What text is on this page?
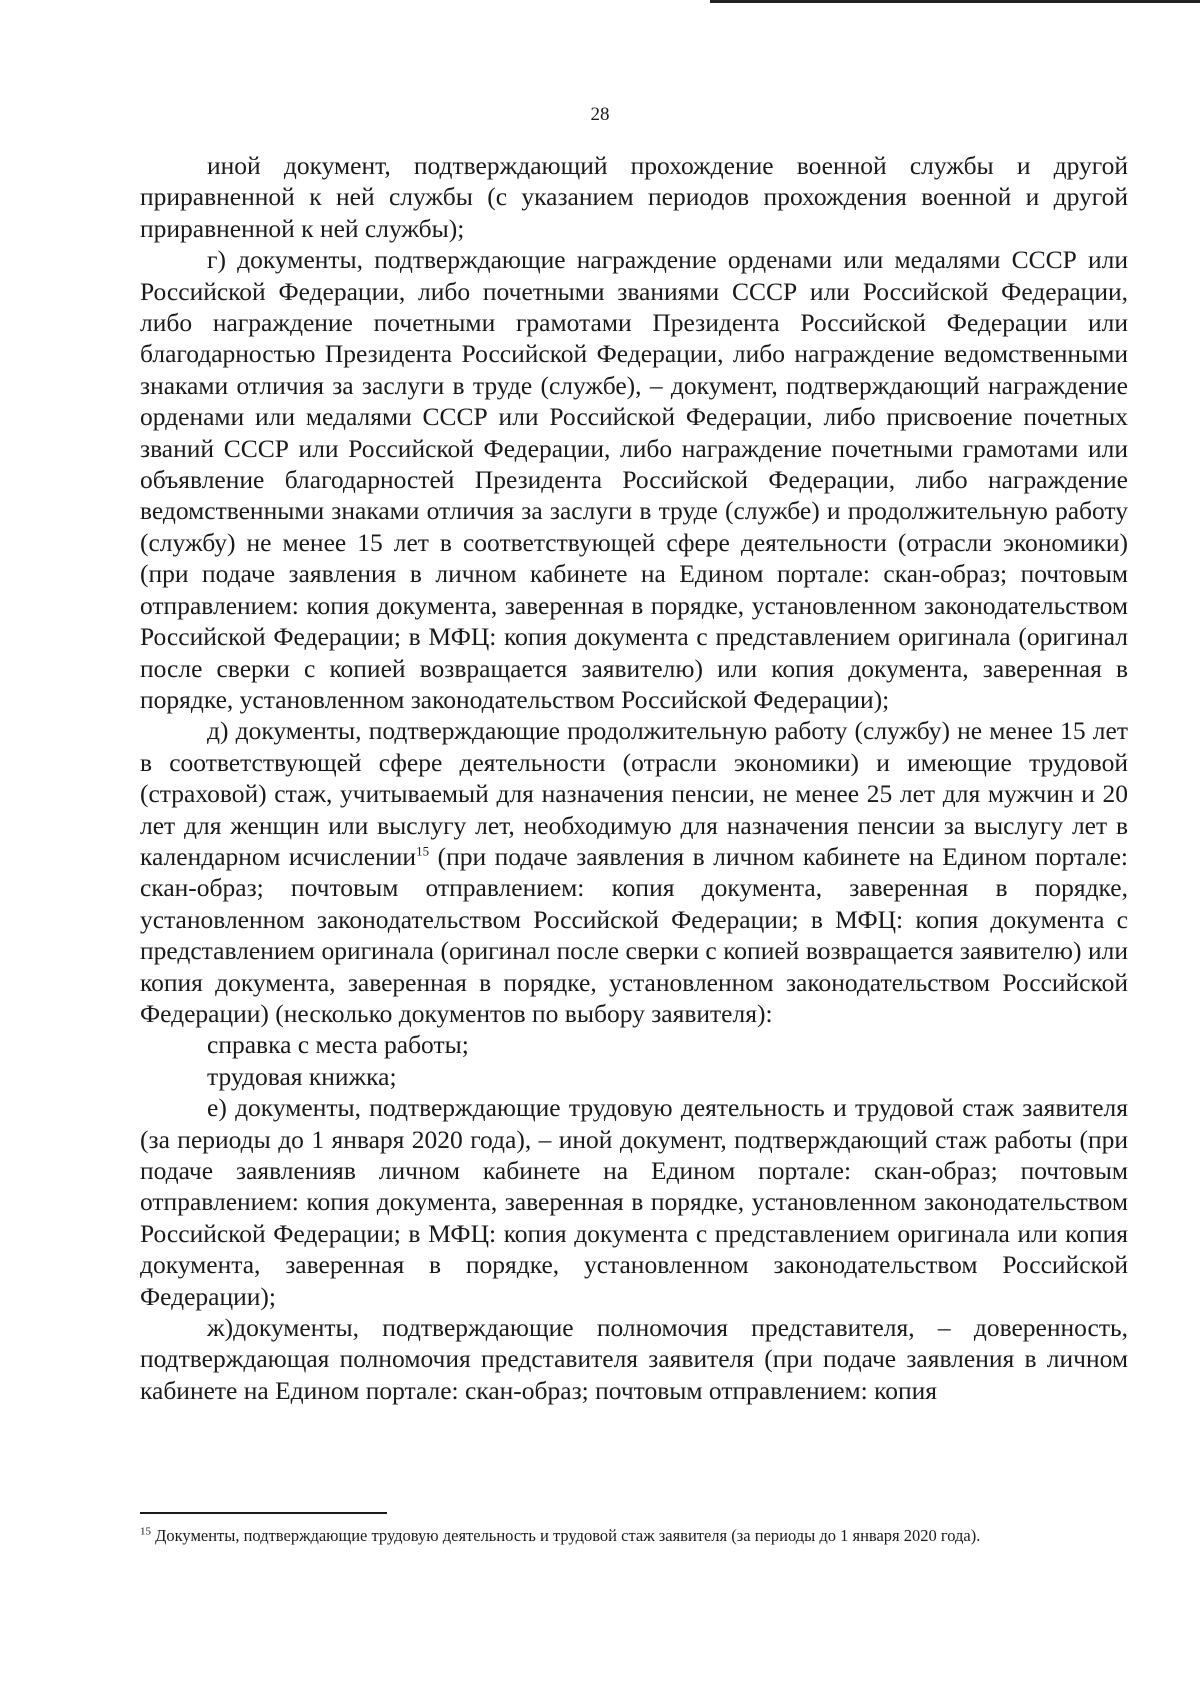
28

иной документ, подтверждающий прохождение военной службы и другой приравненной к ней службы (с указанием периодов прохождения военной и другой приравненной к ней службы);

г) документы, подтверждающие награждение орденами или медалями СССР или Российской Федерации, либо почетными званиями СССР или Российской Федерации, либо награждение почетными грамотами Президента Российской Федерации или благодарностью Президента Российской Федерации, либо награждение ведомственными знаками отличия за заслуги в труде (службе), – документ, подтверждающий награждение орденами или медалями СССР или Российской Федерации, либо присвоение почетных званий СССР или Российской Федерации, либо награждение почетными грамотами или объявление благодарностей Президента Российской Федерации, либо награждение ведомственными знаками отличия за заслуги в труде (службе) и продолжительную работу (службу) не менее 15 лет в соответствующей сфере деятельности (отрасли экономики) (при подаче заявления в личном кабинете на Едином портале: скан-образ; почтовым отправлением: копия документа, заверенная в порядке, установленном законодательством Российской Федерации; в МФЦ: копия документа с представлением оригинала (оригинал после сверки с копией возвращается заявителю) или копия документа, заверенная в порядке, установленном законодательством Российской Федерации);

д) документы, подтверждающие продолжительную работу (службу) не менее 15 лет в соответствующей сфере деятельности (отрасли экономики) и имеющие трудовой (страховой) стаж, учитываемый для назначения пенсии, не менее 25 лет для мужчин и 20 лет для женщин или выслугу лет, необходимую для назначения пенсии за выслугу лет в календарном исчислении$^{15}$ (при подаче заявления в личном кабинете на Едином портале: скан-образ; почтовым отправлением: копия документа, заверенная в порядке, установленном законодательством Российской Федерации; в МФЦ: копия документа с представлением оригинала (оригинал после сверки с копией возвращается заявителю) или копия документа, заверенная в порядке, установленном законодательством Российской Федерации) (несколько документов по выбору заявителя):

справка с места работы;

трудовая книжка;

е) документы, подтверждающие трудовую деятельность и трудовой стаж заявителя (за периоды до 1 января 2020 года), – иной документ, подтверждающий стаж работы (при подаче заявленияв личном кабинете на Едином портале: скан-образ; почтовым отправлением: копия документа, заверенная в порядке, установленном законодательством Российской Федерации; в МФЦ: копия документа с представлением оригинала или копия документа, заверенная в порядке, установленном законодательством Российской Федерации);

ж)документы, подтверждающие полномочия представителя, – доверенность, подтверждающая полномочия представителя заявителя (при подаче заявления в личном кабинете на Едином портале: скан-образ; почтовым отправлением: копия

$^{15}$ Документы, подтверждающие трудовую деятельность и трудовой стаж заявителя (за периоды до 1 января 2020 года).
